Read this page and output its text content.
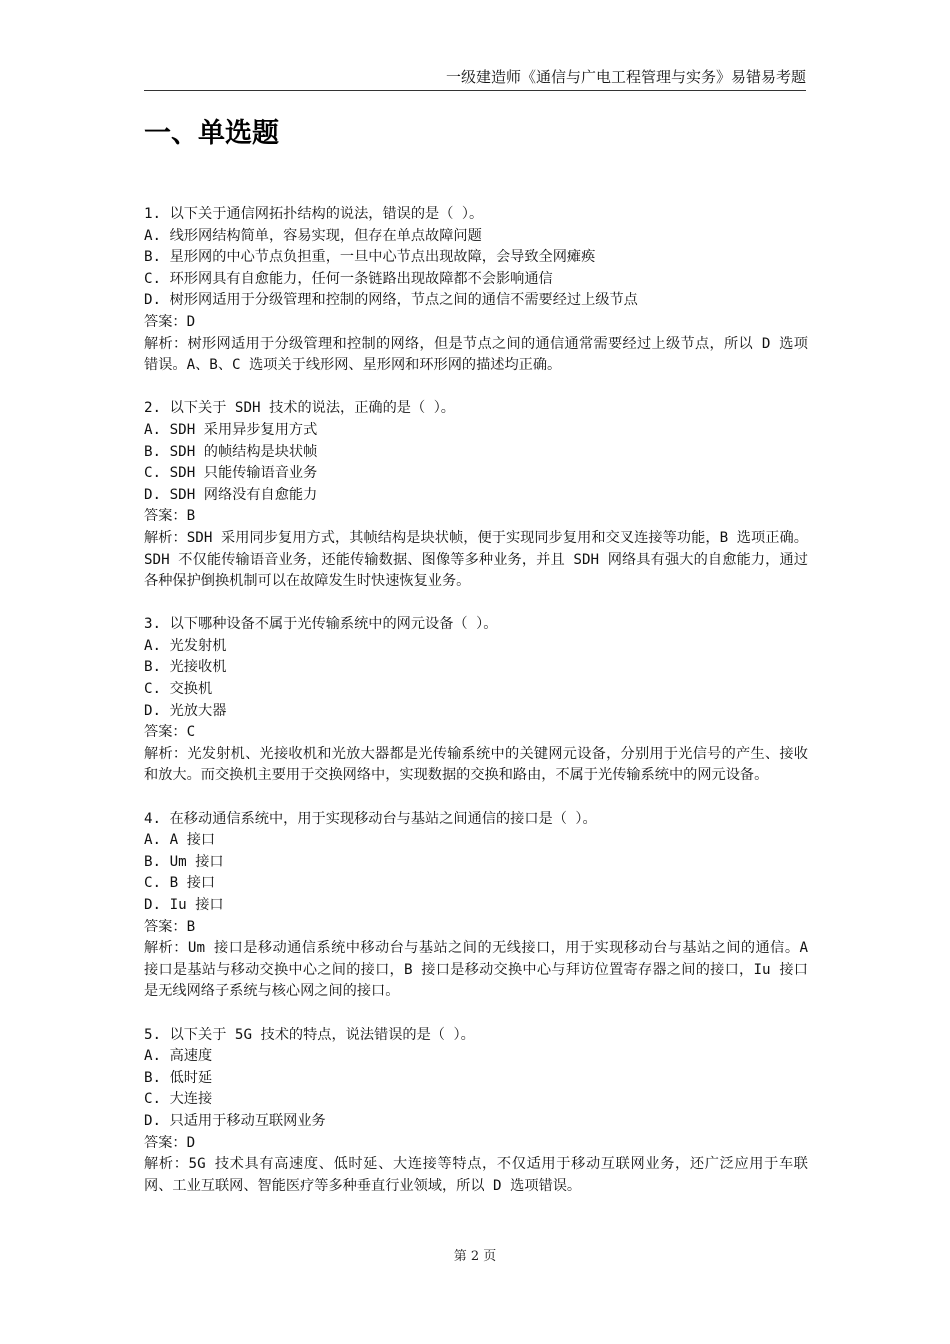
一级建造师《通信与广电工程管理与实务》易错易考题
一、单选题

1. 以下关于通信网拓扑结构的说法，错误的是（ ）。

A. 线形网结构简单，容易实现，但存在单点故障问题

B. 星形网的中心节点负担重，一旦中心节点出现故障，会导致全网瘫痪

C. 环形网具有自愈能力，任何一条链路出现故障都不会影响通信

D. 树形网适用于分级管理和控制的网络，节点之间的通信不需要经过上级节点

答案：D

解析：树形网适用于分级管理和控制的网络，但是节点之间的通信通常需要经过上级节点，所以 D 选项错误。A、B、C 选项关于线形网、星形网和环形网的描述均正确。

2. 以下关于 SDH 技术的说法，正确的是（ ）。

A. SDH 采用异步复用方式

B. SDH 的帧结构是块状帧

C. SDH 只能传输语音业务

D. SDH 网络没有自愈能力

答案：B

解析：SDH 采用同步复用方式，其帧结构是块状帧，便于实现同步复用和交叉连接等功能，B 选项正确。SDH 不仅能传输语音业务，还能传输数据、图像等多种业务，并且 SDH 网络具有强大的自愈能力，通过各种保护倒换机制可以在故障发生时快速恢复业务。

3. 以下哪种设备不属于光传输系统中的网元设备（ ）。

A. 光发射机

B. 光接收机

C. 交换机

D. 光放大器

答案：C

解析：光发射机、光接收机和光放大器都是光传输系统中的关键网元设备，分别用于光信号的产生、接收和放大。而交换机主要用于交换网络中，实现数据的交换和路由，不属于光传输系统中的网元设备。

4. 在移动通信系统中，用于实现移动台与基站之间通信的接口是（ ）。

A. A 接口

B. Um 接口

C. B 接口

D. Iu 接口

答案：B

解析：Um 接口是移动通信系统中移动台与基站之间的无线接口，用于实现移动台与基站之间的通信。A 接口是基站与移动交换中心之间的接口，B 接口是移动交换中心与拜访位置寄存器之间的接口，Iu 接口是无线网络子系统与核心网之间的接口。

5. 以下关于 5G 技术的特点，说法错误的是（ ）。

A. 高速度

B. 低时延

C. 大连接

D. 只适用于移动互联网业务

答案：D

解析：5G 技术具有高速度、低时延、大连接等特点，不仅适用于移动互联网业务，还广泛应用于车联网、工业互联网、智能医疗等多种垂直行业领域，所以 D 选项错误。

第 2 页
